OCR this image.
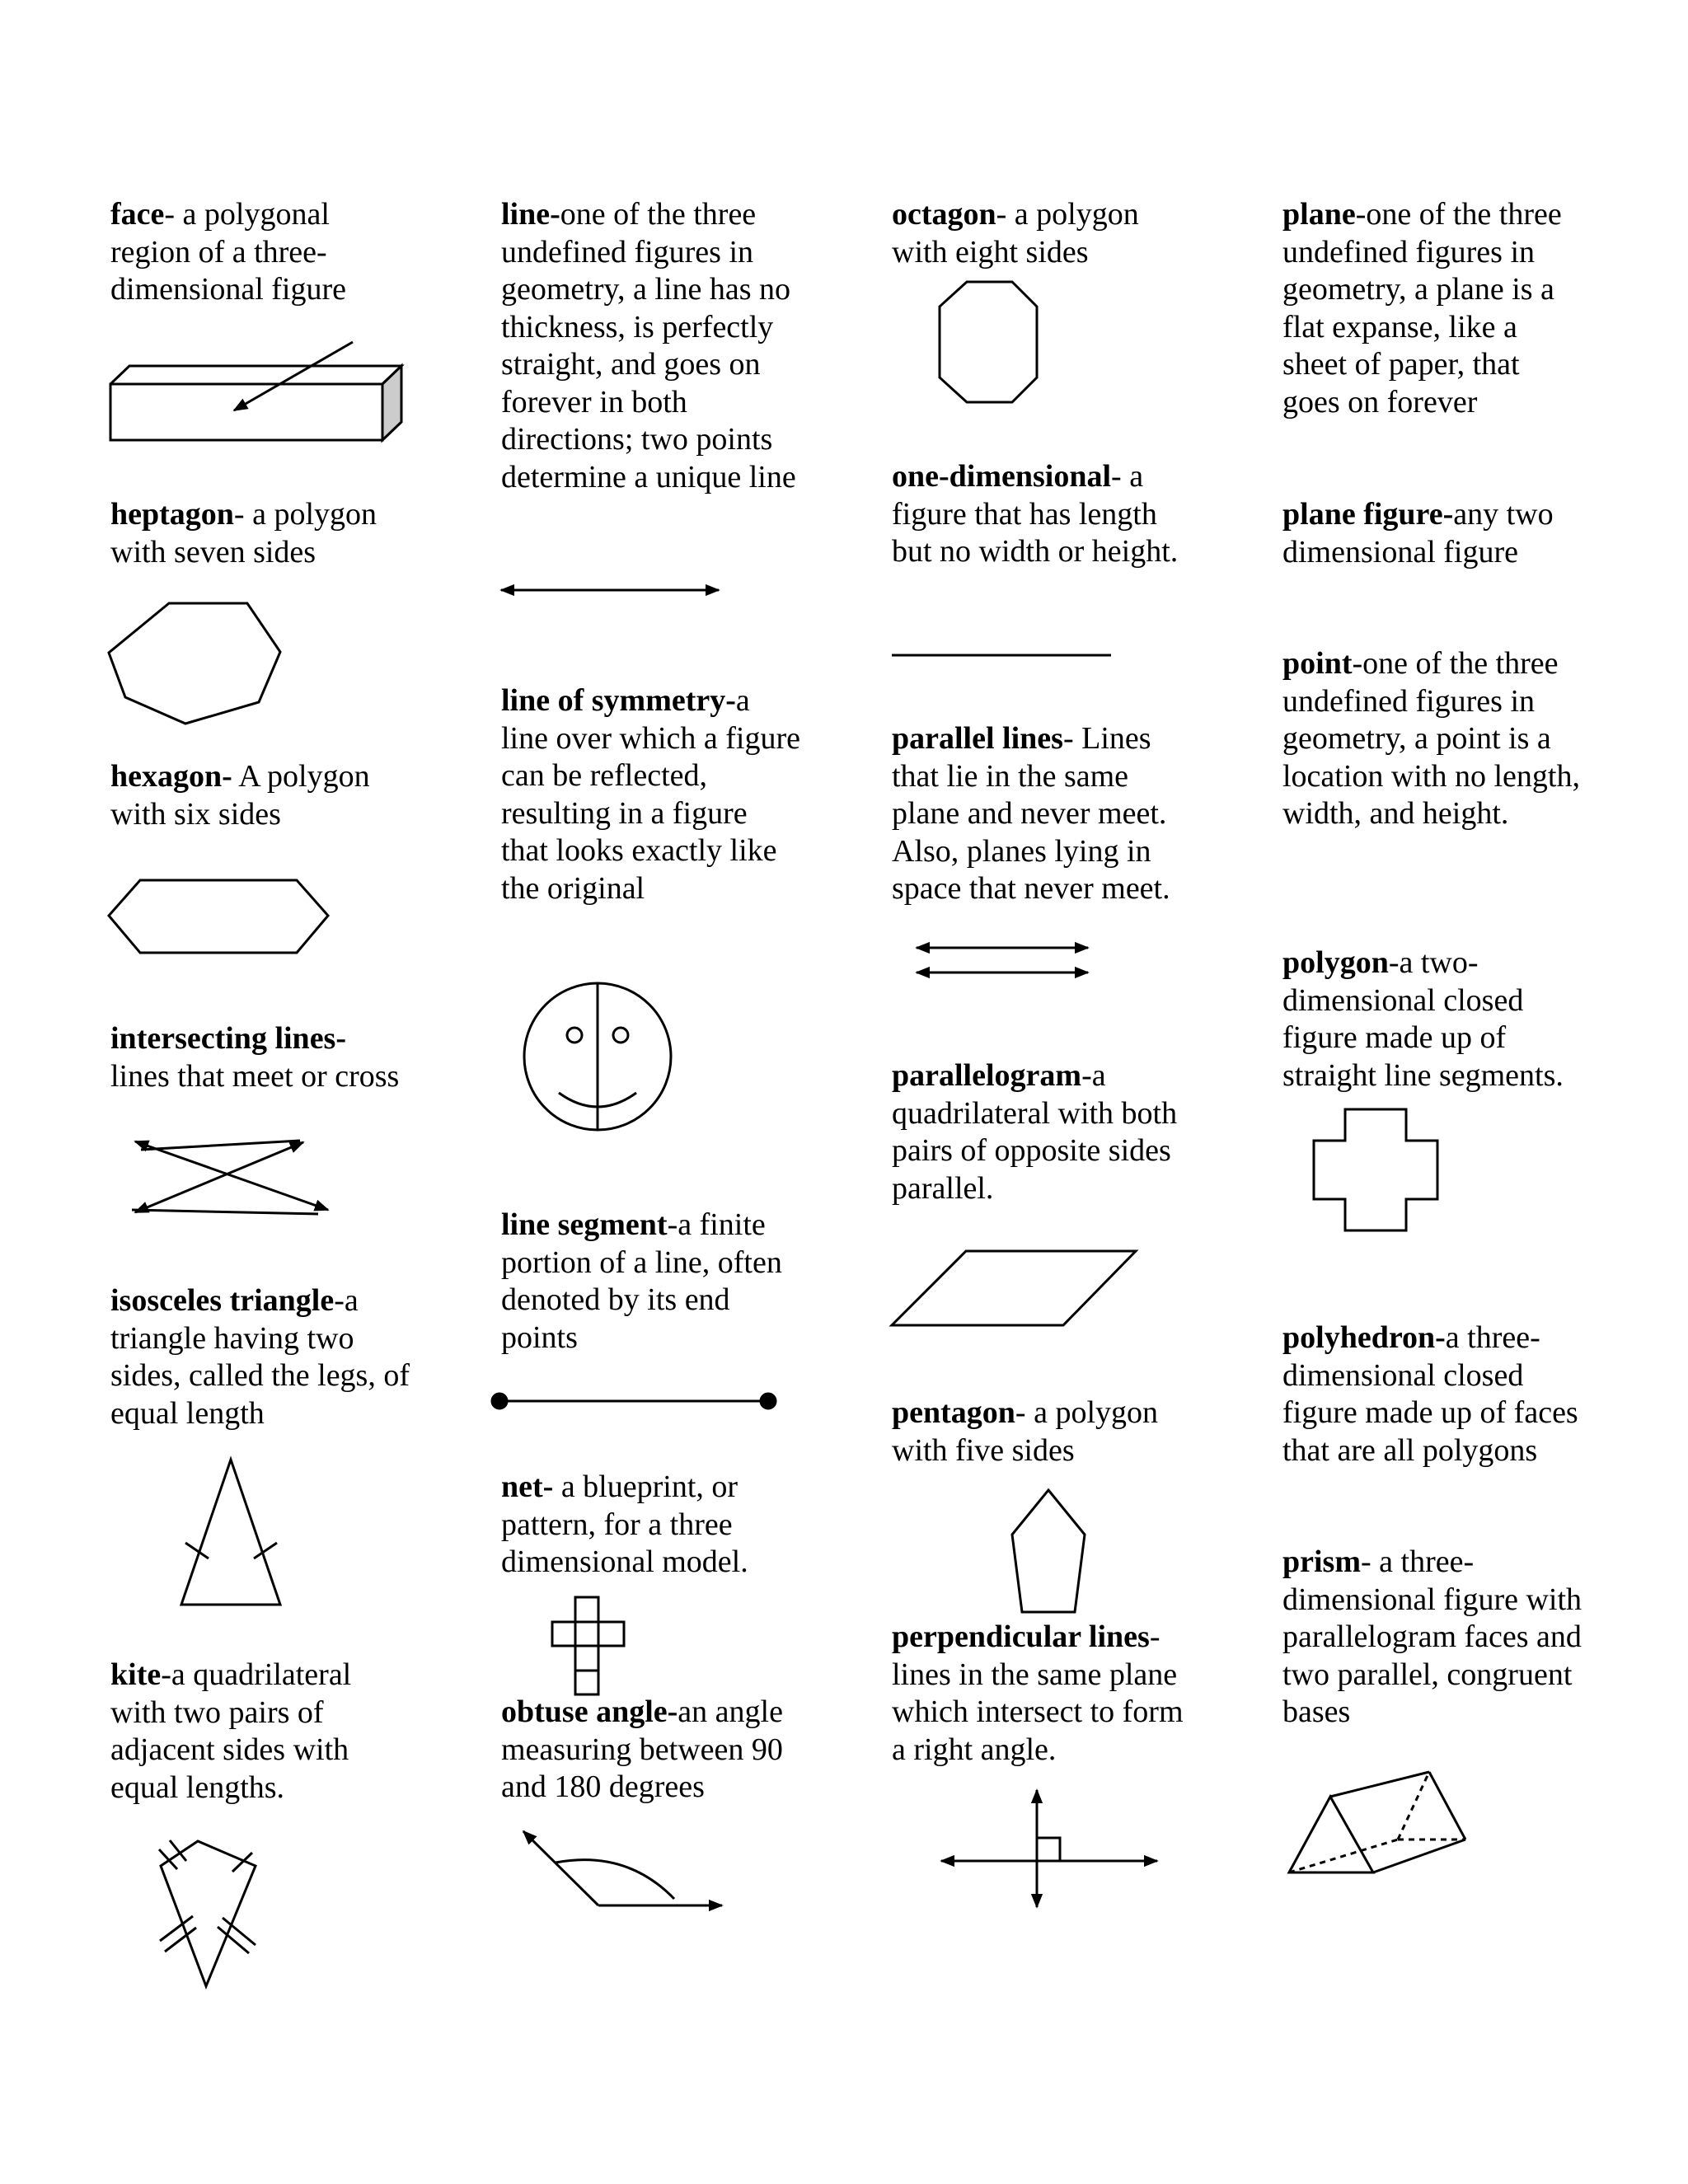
face- a polygonal region of a three-dimensional figure

heptagon- a polygon with seven sides

hexagon- A polygon with six sides

intersecting lines- lines that meet or cross

isosceles triangle-a triangle having two sides, called the legs, of equal length

kite-a quadrilateral with two pairs of adjacent sides with equal lengths.

line-one of the three undefined figures in geometry, a line has no thickness, is perfectly straight, and goes on forever in both directions; two points determine a unique line

line of symmetry-a line over which a figure can be reflected, resulting in a figure that looks exactly like the original

line segment-a finite portion of a line, often denoted by its end points

net- a blueprint, or pattern, for a three dimensional model.

obtuse angle-an angle measuring between 90 and 180 degrees

octagon- a polygon with eight sides

one-dimensional- a figure that has length but no width or height.

parallel lines- Lines that lie in the same plane and never meet. Also, planes lying in space that never meet.

parallelogram-a quadrilateral with both pairs of opposite sides parallel.

pentagon- a polygon with five sides

perpendicular lines- lines in the same plane which intersect to form a right angle.

plane-one of the three undefined figures in geometry, a plane is a flat expanse, like a sheet of paper, that goes on forever

plane figure-any two dimensional figure

point-one of the three undefined figures in geometry, a point is a location with no length, width, and height.

polygon-a two-dimensional closed figure made up of straight line segments.

polyhedron-a three-dimensional closed figure made up of faces that are all polygons

prism- a three-dimensional figure with parallelogram faces and two parallel, congruent bases
